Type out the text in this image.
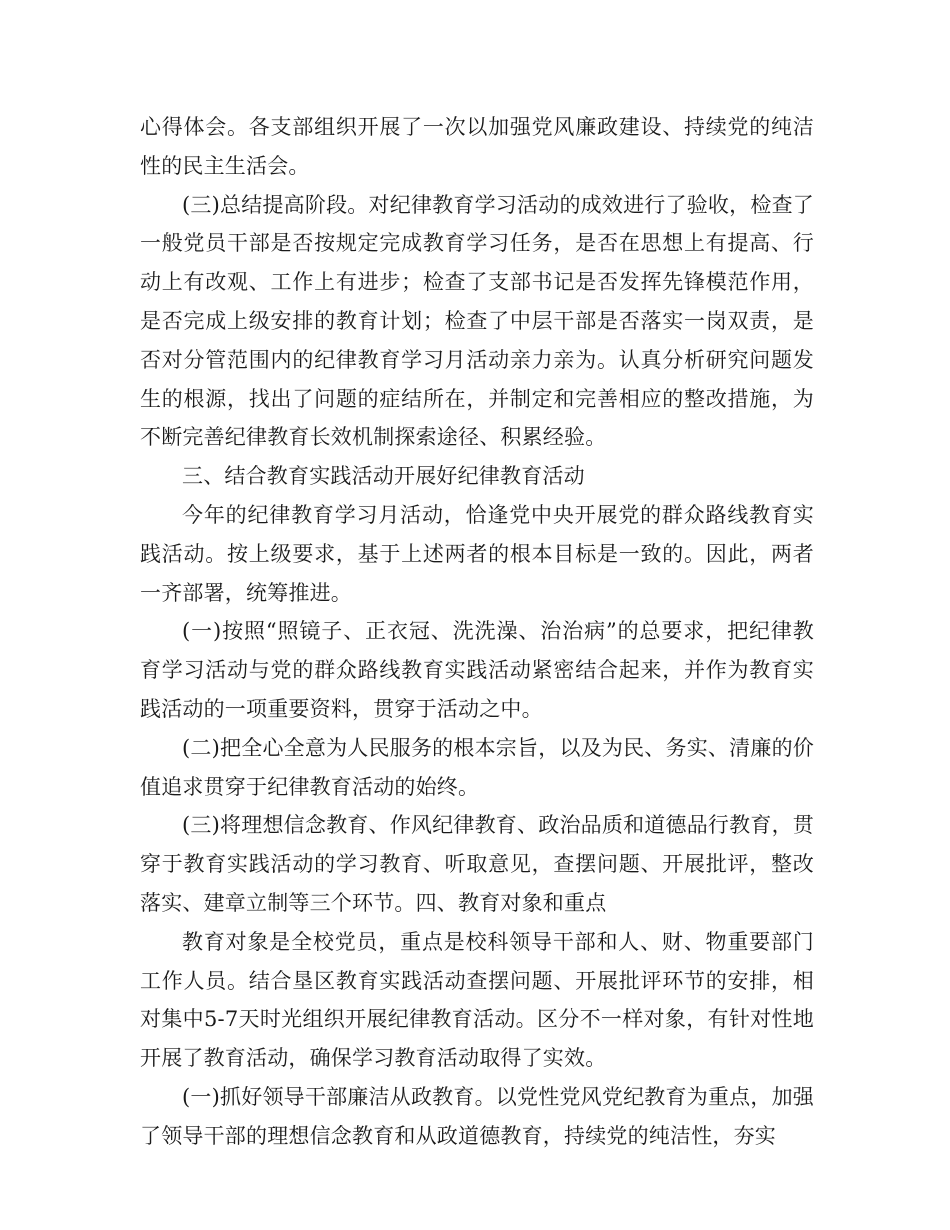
心得体会。各支部组织开展了一次以加强党风廉政建设、持续党的纯洁性的民主生活会。

(三)总结提高阶段。对纪律教育学习活动的成效进行了验收，检查了一般党员干部是否按规定完成教育学习任务，是否在思想上有提高、行动上有改观、工作上有进步；检查了支部书记是否发挥先锋模范作用，是否完成上级安排的教育计划；检查了中层干部是否落实一岗双责，是否对分管范围内的纪律教育学习月活动亲力亲为。认真分析研究问题发生的根源，找出了问题的症结所在，并制定和完善相应的整改措施，为不断完善纪律教育长效机制探索途径、积累经验。

三、结合教育实践活动开展好纪律教育活动

今年的纪律教育学习月活动，恰逢党中央开展党的群众路线教育实践活动。按上级要求，基于上述两者的根本目标是一致的。因此，两者一齐部署，统筹推进。

(一)按照“照镜子、正衣冠、洗洗澡、治治病”的总要求，把纪律教育学习活动与党的群众路线教育实践活动紧密结合起来，并作为教育实践活动的一项重要资料，贯穿于活动之中。

(二)把全心全意为人民服务的根本宗旨，以及为民、务实、清廉的价值追求贯穿于纪律教育活动的始终。

(三)将理想信念教育、作风纪律教育、政治品质和道德品行教育，贯穿于教育实践活动的学习教育、听取意见，查摆问题、开展批评，整改落实、建章立制等三个环节。四、教育对象和重点

教育对象是全校党员，重点是校科领导干部和人、财、物重要部门工作人员。结合垦区教育实践活动查摆问题、开展批评环节的安排，相对集中5-7天时光组织开展纪律教育活动。区分不一样对象，有针对性地开展了教育活动，确保学习教育活动取得了实效。

(一)抓好领导干部廉洁从政教育。以党性党风党纪教育为重点，加强了领导干部的理想信念教育和从政道德教育，持续党的纯洁性，夯实
